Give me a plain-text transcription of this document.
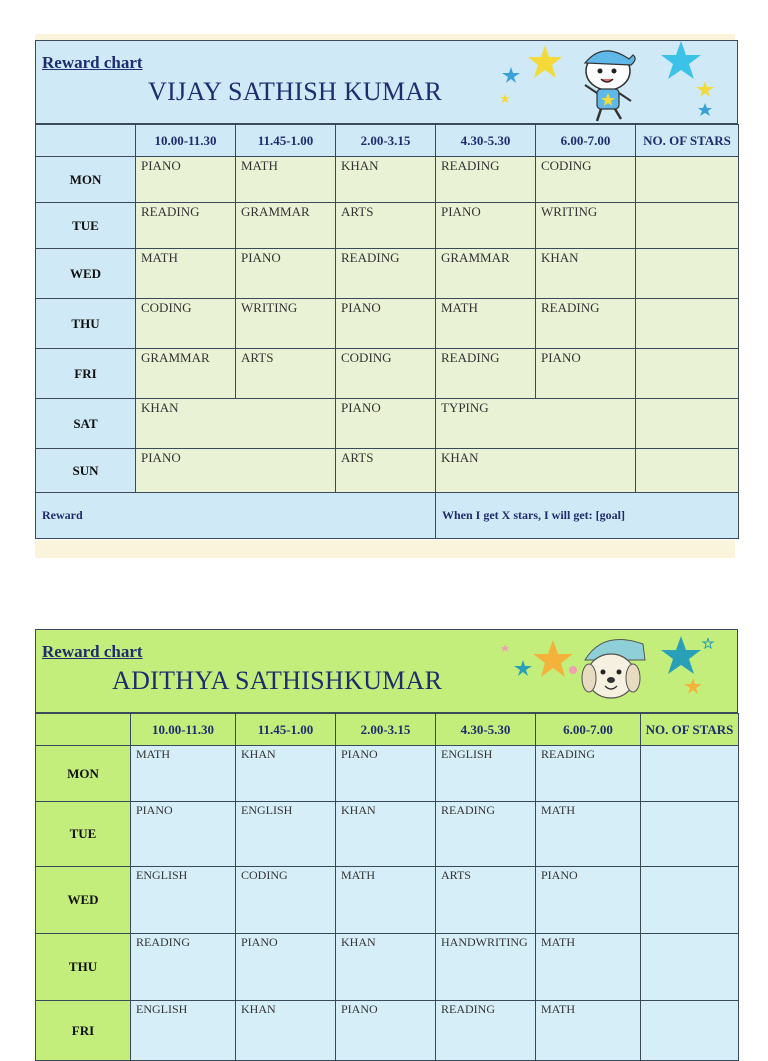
Reward chart
VIJAY SATHISH KUMAR
	10.00-11.30	11.45-1.00	2.00-3.15	4.30-5.30	6.00-7.00	NO. OF STARS
MON	PIANO	MATH	KHAN	READING	CODING	
TUE	READING	GRAMMAR	ARTS	PIANO	WRITING	
WED	MATH	PIANO	READING	GRAMMAR	KHAN	
THU	CODING	WRITING	PIANO	MATH	READING	
FRI	GRAMMAR	ARTS	CODING	READING	PIANO	
SAT	KHAN		PIANO	TYPING		
SUN	PIANO		ARTS	KHAN		
Reward				When I get X stars, I will get: [goal]		
Reward chart
ADITHYA SATHISHKUMAR
	10.00-11.30	11.45-1.00	2.00-3.15	4.30-5.30	6.00-7.00	NO. OF STARS
MON	MATH	KHAN	PIANO	ENGLISH	READING	
TUE	PIANO	ENGLISH	KHAN	READING	MATH	
WED	ENGLISH	CODING	MATH	ARTS	PIANO	
THU	READING	PIANO	KHAN	HANDWRITING	MATH	
FRI	ENGLISH	KHAN	PIANO	READING	MATH	
